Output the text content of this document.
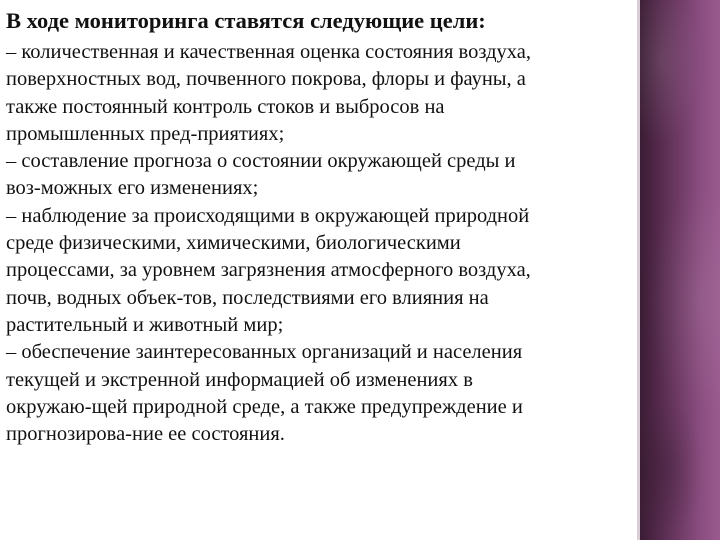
В ходе мониторинга ставятся следующие цели:

– количественная и качественная оценка состояния воздуха,

поверхностных вод, почвенного покрова, флоры и фауны, а

также постоянный контроль стоков и выбросов на

промышленных пред-приятиях;

– составление прогноза о состоянии окружающей среды и

воз-можных его изменениях;

– наблюдение за происходящими в окружающей природной

среде физическими, химическими, биологическими

процессами, за уровнем загрязнения атмосферного воздуха,

почв, водных объек-тов, последствиями его влияния на

растительный и животный мир;

– обеспечение заинтересованных организаций и населения

текущей и экстренной информацией об изменениях в

окружаю-щей природной среде, а также предупреждение и

прогнозирова-ние ее состояния.
